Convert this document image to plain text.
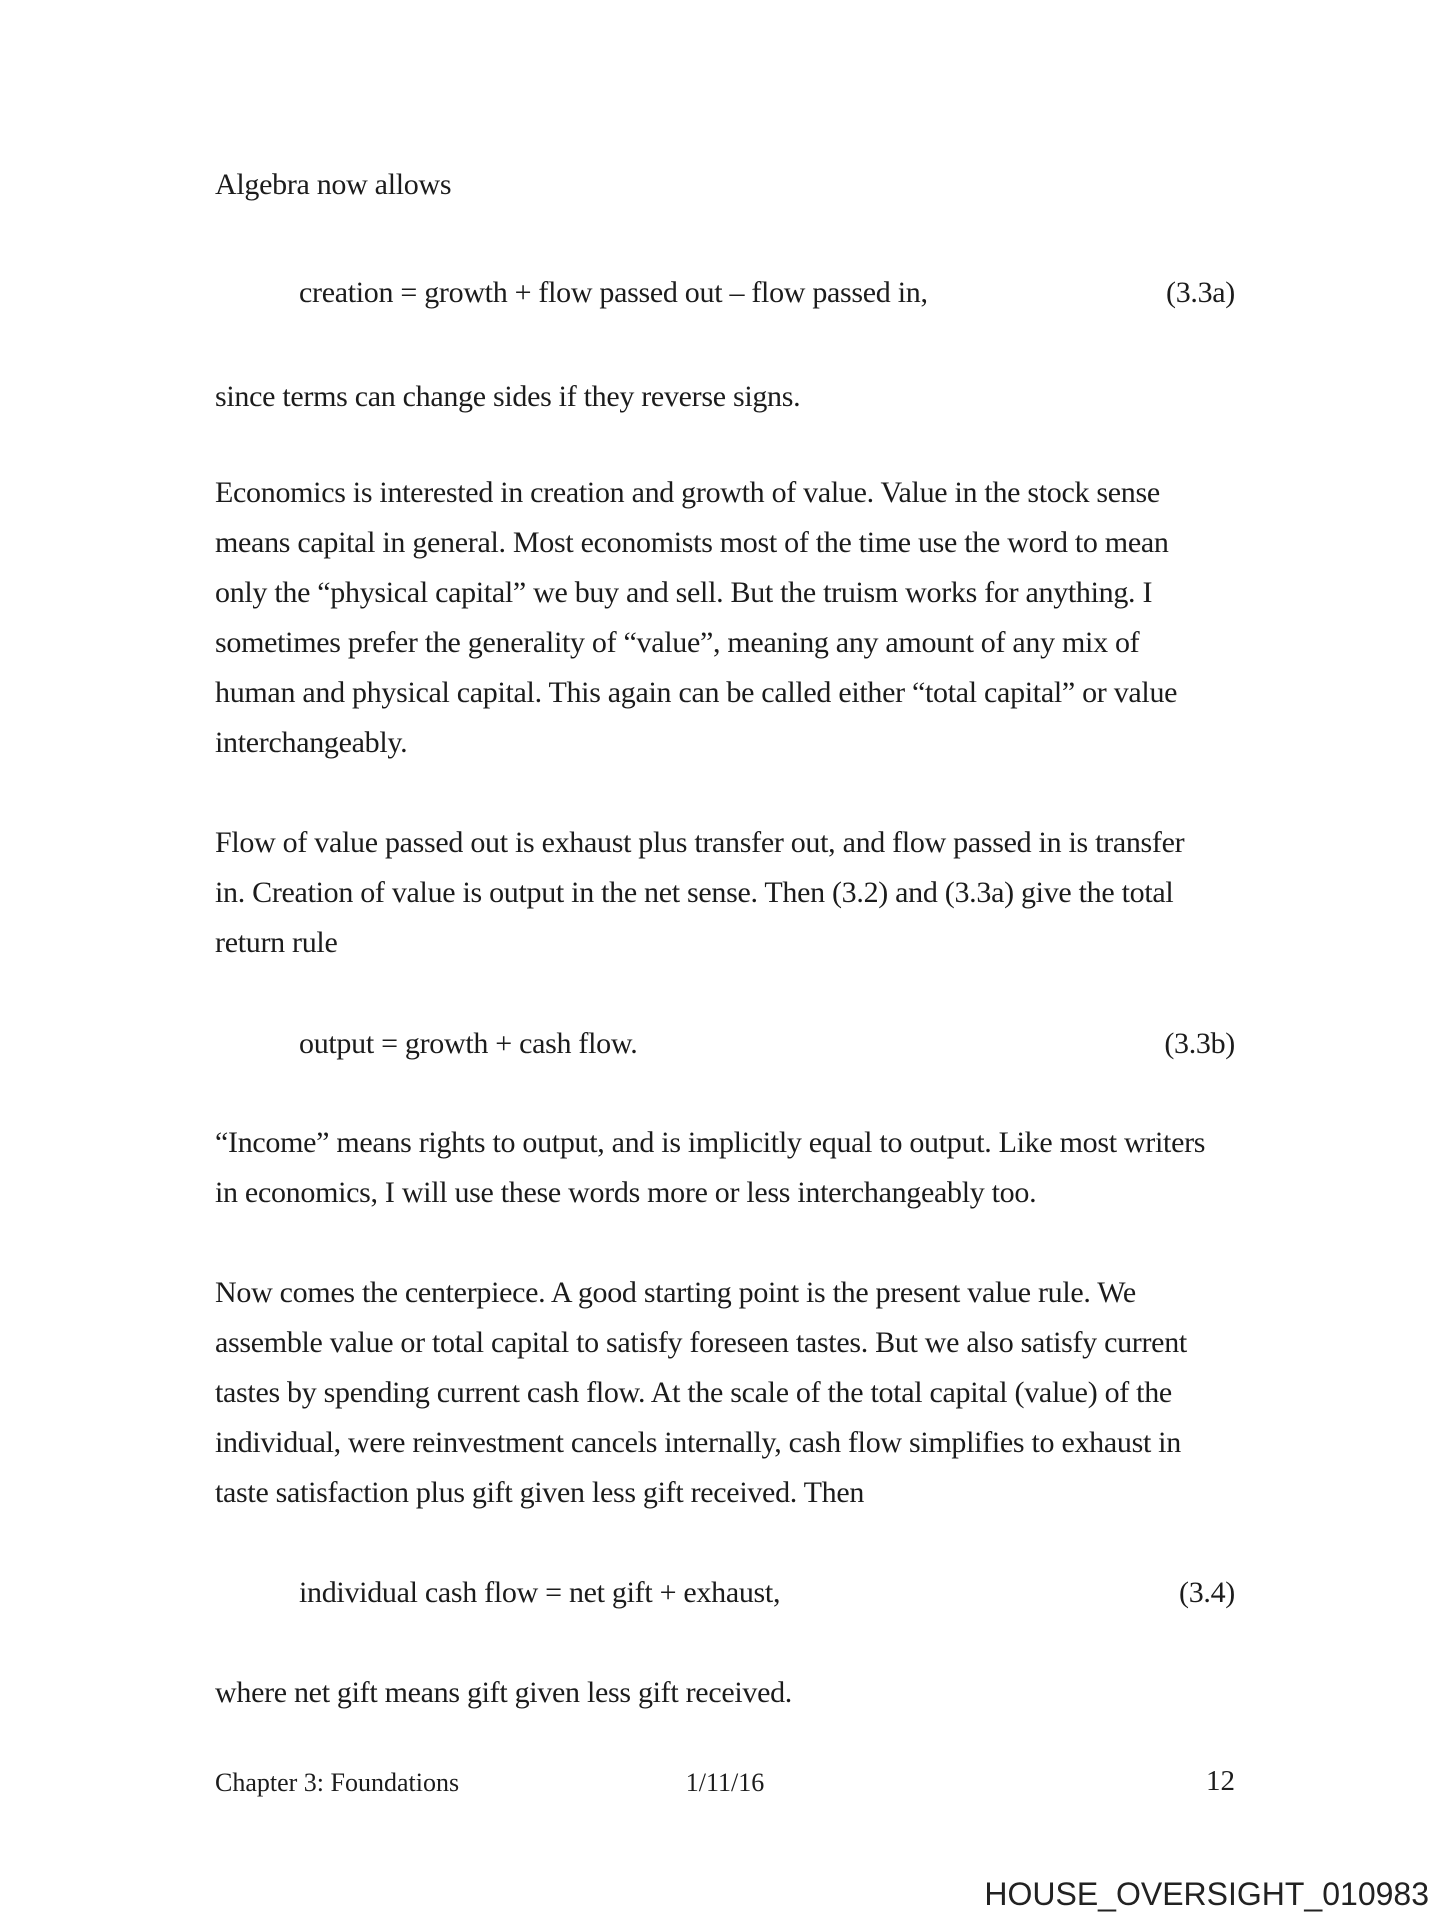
Algebra now allows
creation = growth + flow passed out – flow passed in,	(3.3a)
since terms can change sides if they reverse signs.
Economics is interested in creation and growth of value. Value in the stock sense
means capital in general. Most economists most of the time use the word to mean
only the “physical capital” we buy and sell. But the truism works for anything. I
sometimes prefer the generality of “value”, meaning any amount of any mix of
human and physical capital. This again can be called either “total capital” or value
interchangeably.
Flow of value passed out is exhaust plus transfer out, and flow passed in is transfer
in. Creation of value is output in the net sense. Then (3.2) and (3.3a) give the total
return rule
output = growth + cash flow.	(3.3b)
“Income” means rights to output, and is implicitly equal to output. Like most writers
in economics, I will use these words more or less interchangeably too.
Now comes the centerpiece. A good starting point is the present value rule. We
assemble value or total capital to satisfy foreseen tastes. But we also satisfy current
tastes by spending current cash flow. At the scale of the total capital (value) of the
individual, were reinvestment cancels internally, cash flow simplifies to exhaust in
taste satisfaction plus gift given less gift received. Then
individual cash flow = net gift + exhaust,	(3.4)
where net gift means gift given less gift received.
Chapter 3: Foundations	1/11/16	12
HOUSE_OVERSIGHT_010983
